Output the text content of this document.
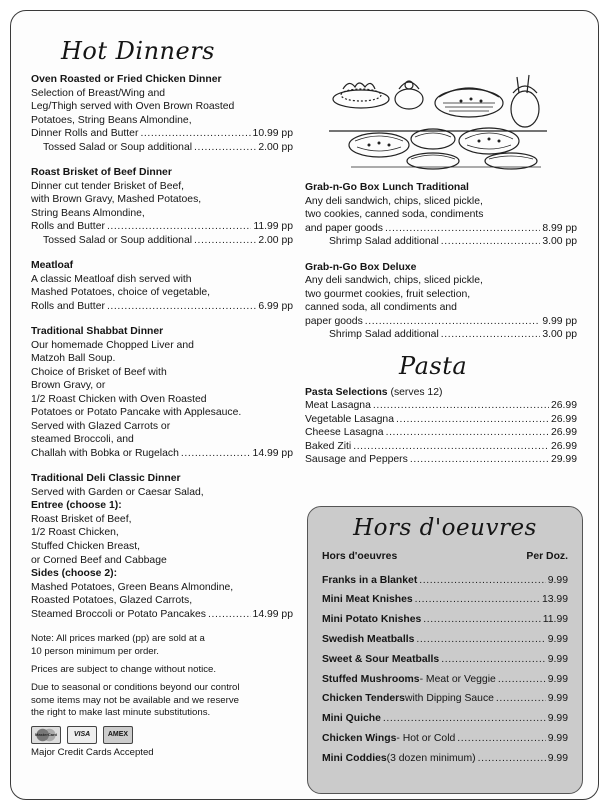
Hot Dinners
Oven Roasted or Fried Chicken Dinner
Selection of Breast/Wing and
Leg/Thigh served with Oven Brown Roasted
Potatoes, String Beans Almondine,
Dinner Rolls and Butter .....	10.99 pp
Tossed Salad or Soup additional .....	2.00 pp
Roast Brisket of Beef Dinner
Dinner cut tender Brisket of Beef,
with Brown Gravy, Mashed Potatoes,
String Beans Almondine,
Rolls and Butter .....	11.99 pp
Tossed Salad or Soup additional .....	2.00 pp
Meatloaf
A classic Meatloaf dish served with
Mashed Potatoes, choice of vegetable,
Rolls and Butter .....	6.99 pp
Traditional Shabbat Dinner
Our homemade Chopped Liver and
Matzoh Ball Soup.
Choice of Brisket of Beef with
Brown Gravy, or
1/2 Roast Chicken with Oven Roasted
Potatoes or Potato Pancake with Applesauce.
Served with Glazed Carrots or
steamed Broccoli, and
Challah with Bobka or Rugelach .....	14.99 pp
Traditional Deli Classic Dinner
Served with Garden or Caesar Salad,
Entree (choose 1):
Roast Brisket of Beef,
1/2 Roast Chicken,
Stuffed Chicken Breast,
or Corned Beef and Cabbage
Sides (choose 2):
Mashed Potatoes, Green Beans Almondine,
Roasted Potatoes, Glazed Carrots,
Steamed Broccoli or Potato Pancakes .....	14.99 pp

Note: All prices marked (pp) are sold at a
10 person minimum per order.

Prices are subject to change without notice.

Due to seasonal or conditions beyond our control
some items may not be available and we reserve
the right to make last minute substitutions.

MasterCard	VISA	AMEX
Major Credit Cards Accepted
Grab-n-Go Box Lunch Traditional
Any deli sandwich, chips, sliced pickle,
two cookies, canned soda, condiments
and paper goods .....	8.99 pp
Shrimp Salad additional .....	3.00 pp
Grab-n-Go Box Deluxe
Any deli sandwich, chips, sliced pickle,
two gourmet cookies, fruit selection,
canned soda, all condiments and
paper goods .....	9.99 pp
Shrimp Salad additional .....	3.00 pp
Pasta
Pasta Selections (serves 12)
Meat Lasagna .....	26.99
Vegetable Lasagna .....	26.99
Cheese Lasagna .....	26.99
Baked Ziti .....	26.99
Sausage and Peppers .....	29.99
Hors d'oeuvres
Hors d'oeuvres	Per Doz.
Franks in a Blanket .....	9.99
Mini Meat Knishes .....	13.99
Mini Potato Knishes .....	11.99
Swedish Meatballs .....	9.99
Sweet & Sour Meatballs .....	9.99
Stuffed Mushrooms - Meat or Veggie .....	9.99
Chicken Tenders with Dipping Sauce .....	9.99
Mini Quiche .....	9.99
Chicken Wings - Hot or Cold .....	9.99
Mini Coddies (3 dozen minimum) .....	9.99
